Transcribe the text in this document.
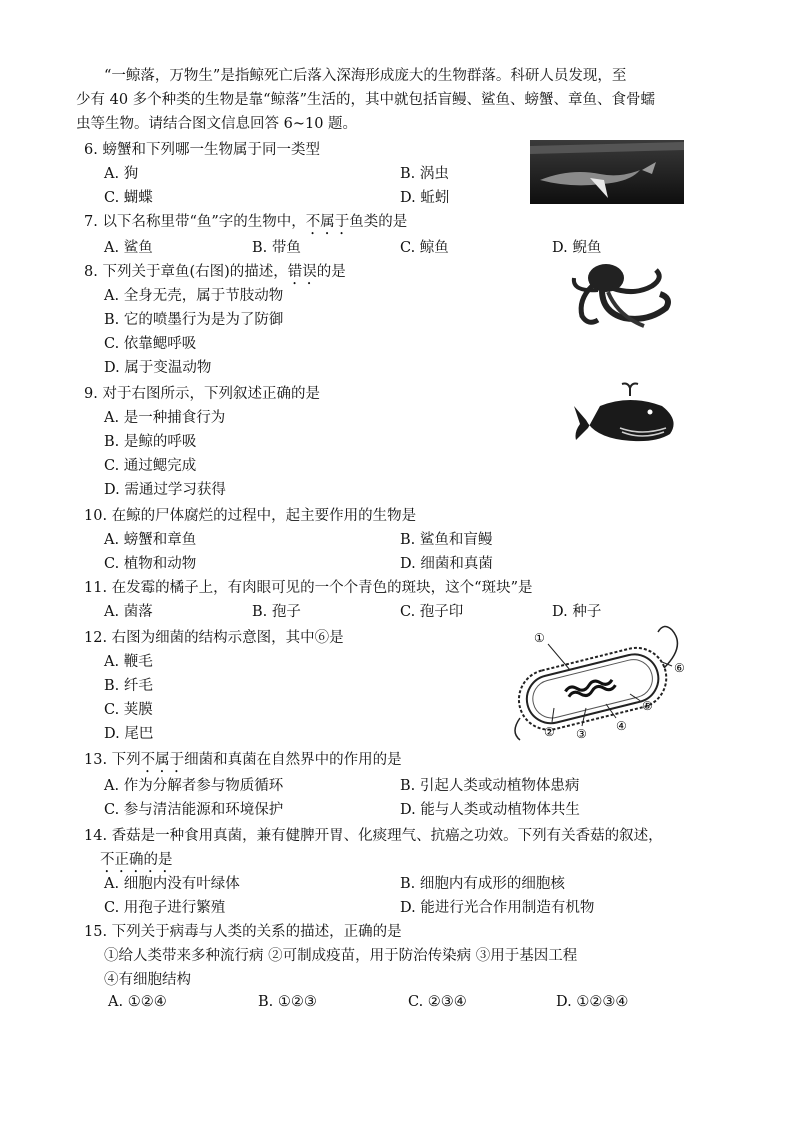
“一鲸落，万物生”是指鲸死亡后落入深海形成庞大的生物群落。科研人员发现，至

少有 40 多个种类的生物是靠“鲸落”生活的，其中就包括盲鳗、鲨鱼、螃蟹、章鱼、食骨蠕

虫等生物。请结合图文信息回答 6~10 题。

6. 螃蟹和下列哪一生物属于同一类型
A. 狗	B. 涡虫
C. 蝴蝶	D. 蚯蚓
7. 以下名称里带“鱼”字的生物中，不属于鱼类的是
A. 鲨鱼	B. 带鱼	C. 鲸鱼	D. 鲵鱼
8. 下列关于章鱼(右图)的描述，错误的是
A. 全身无壳，属于节肢动物
B. 它的喷墨行为是为了防御
C. 依靠鳃呼吸
D. 属于变温动物
9. 对于右图所示，下列叙述正确的是
A. 是一种捕食行为
B. 是鲸的呼吸
C. 通过鳃完成
D. 需通过学习获得
10. 在鲸的尸体腐烂的过程中，起主要作用的生物是
A. 螃蟹和章鱼	B. 鲨鱼和盲鳗
C. 植物和动物	D. 细菌和真菌
11. 在发霉的橘子上，有肉眼可见的一个个青色的斑块，这个“斑块”是
A. 菌落	B. 孢子	C. 孢子印	D. 种子
12. 右图为细菌的结构示意图，其中⑥是
A. 鞭毛
B. 纤毛
C. 荚膜
D. 尾巴
①
② ③
④
⑤
⑥
13. 下列不属于细菌和真菌在自然界中的作用的是
A. 作为分解者参与物质循环	B. 引起人类或动植物体患病
C. 参与清洁能源和环境保护	D. 能与人类或动植物体共生
14. 香菇是一种食用真菌，兼有健脾开胃、化痰理气、抗癌之功效。下列有关香菇的叙述，
不正确的是
A. 细胞内没有叶绿体	B. 细胞内有成形的细胞核
C. 用孢子进行繁殖	D. 能进行光合作用制造有机物
15. 下列关于病毒与人类的关系的描述，正确的是
①给人类带来多种流行病 ②可制成疫苗，用于防治传染病 ③用于基因工程
④有细胞结构
A. ①②④	B. ①②③	C. ②③④	D. ①②③④
